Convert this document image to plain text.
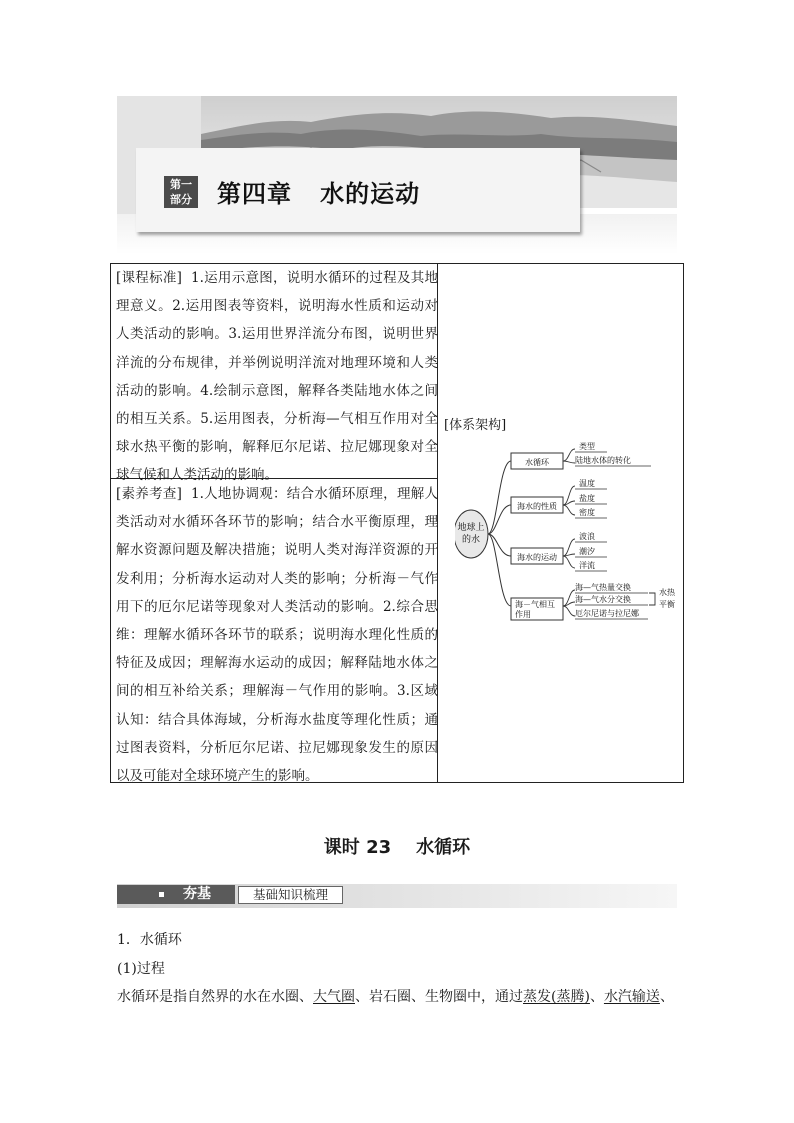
第一
部分 第四章   水的运动
[课程标准] 1.运用示意图，说明水循环的过程及其地理意义。2.运用图表等资料，说明海水性质和运动对人类活动的影响。3.运用世界洋流分布图，说明世界洋流的分布规律，并举例说明洋流对地理环境和人类活动的影响。4.绘制示意图，解释各类陆地水体之间的相互关系。5.运用图表，分析海—气相互作用对全球水热平衡的影响，解释厄尔尼诺、拉尼娜现象对全球气候和人类活动的影响。
[素养考查] 1.人地协调观：结合水循环原理，理解人类活动对水循环各环节的影响；结合水平衡原理，理解水资源问题及解决措施；说明人类对海洋资源的开发利用；分析海水运动对人类的影响；分析海－气作用下的厄尔尼诺等现象对人类活动的影响。2.综合思维：理解水循环各环节的联系；说明海水理化性质的特征及成因；理解海水运动的成因；解释陆地水体之间的相互补给关系；理解海－气作用的影响。3.区域认知：结合具体海域，分析海水盐度等理化性质；通过图表资料，分析厄尔尼诺、拉尼娜现象发生的原因以及可能对全球环境产生的影响。
[体系架构]
地球上
的水
水循环
类型
陆地水体的转化
海水的性质
温度
盐度
密度
海水的运动
波浪
潮汐
洋流
海－气相互
作用
海—气热量交换
海—气水分交换
厄尔尼诺与拉尼娜
水热
平衡
课时 23    水循环
夯基	基础知识梳理
1．水循环
(1)过程
水循环是指自然界的水在水圈、大气圈、岩石圈、生物圈中，通过蒸发(蒸腾)、水汽输送、
